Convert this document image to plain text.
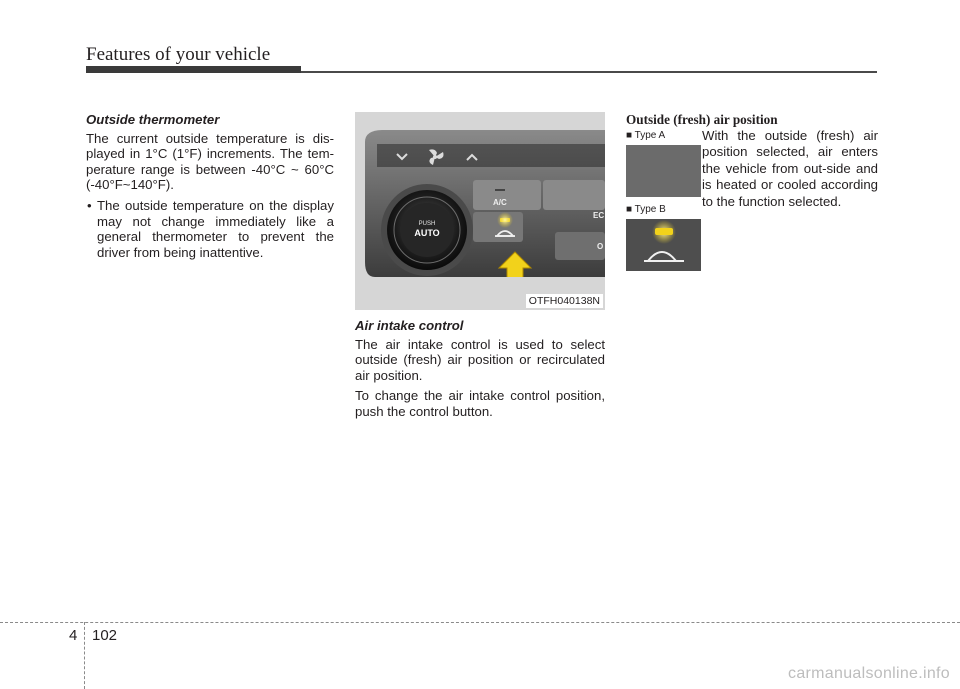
Features of your vehicle
Outside thermometer

The current outside temperature is dis-played in 1°C (1°F) increments. The tem-perature range is between -40°C ~ 60°C (-40°F~140°F).

• The outside temperature on the display may not change immediately like a general thermometer to prevent the driver from being inattentive.

PUSH
AUTO
A/C
EC
O
OTFH040138N
Air intake control

The air intake control is used to select outside (fresh) air position or recirculated air position.

To change the air intake control position, push the control button.

Outside (fresh) air position
■ Type A
■ Type B
With the outside (fresh) air position selected, air enters the vehicle from out-side and is heated or cooled according to the function selected.
4 102
carmanualsonline.info
